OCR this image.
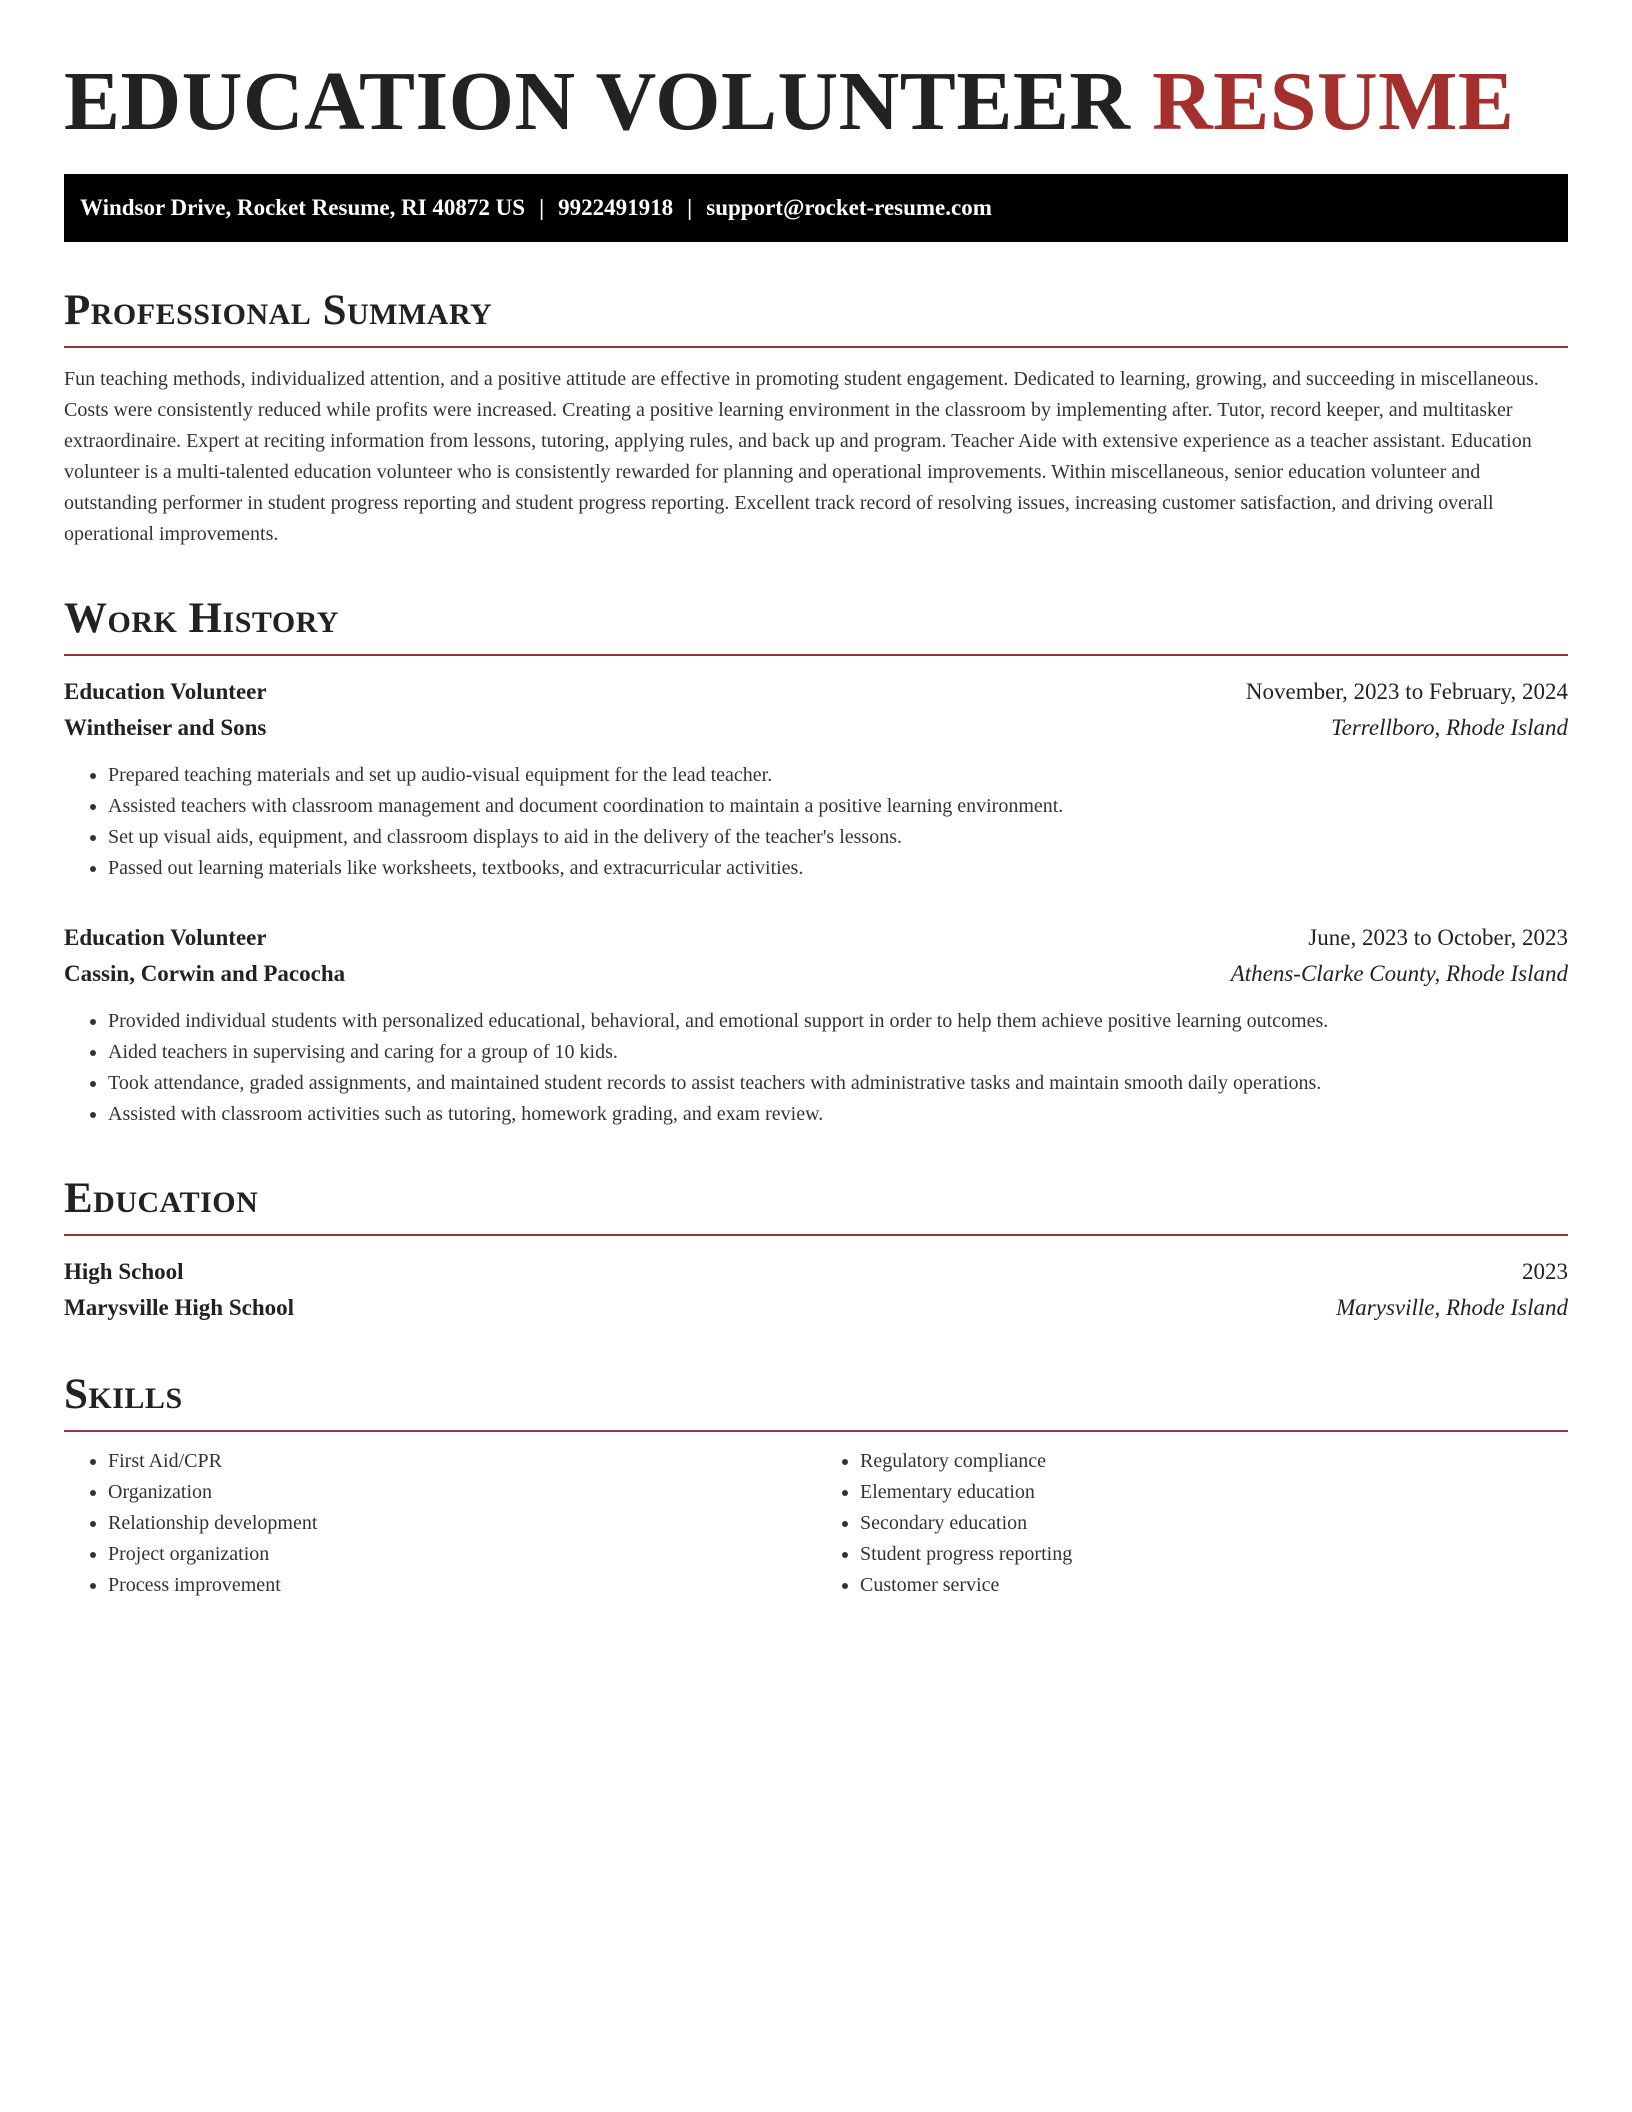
EDUCATION VOLUNTEER RESUME
Windsor Drive, Rocket Resume, RI 40872 US | 9922491918 | support@rocket-resume.com
Professional Summary

Fun teaching methods, individualized attention, and a positive attitude are effective in promoting student engagement. Dedicated to learning, growing, and succeeding in miscellaneous. Costs were consistently reduced while profits were increased. Creating a positive learning environment in the classroom by implementing after. Tutor, record keeper, and multitasker extraordinaire. Expert at reciting information from lessons, tutoring, applying rules, and back up and program. Teacher Aide with extensive experience as a teacher assistant. Education volunteer is a multi-talented education volunteer who is consistently rewarded for planning and operational improvements. Within miscellaneous, senior education volunteer and outstanding performer in student progress reporting and student progress reporting. Excellent track record of resolving issues, increasing customer satisfaction, and driving overall operational improvements.

Work History
Education Volunteer	November, 2023 to February, 2024
Wintheiser and Sons	Terrellboro, Rhode Island
• Prepared teaching materials and set up audio-visual equipment for the lead teacher.
• Assisted teachers with classroom management and document coordination to maintain a positive learning environment.
• Set up visual aids, equipment, and classroom displays to aid in the delivery of the teacher's lessons.
• Passed out learning materials like worksheets, textbooks, and extracurricular activities.
Education Volunteer	June, 2023 to October, 2023
Cassin, Corwin and Pacocha	Athens-Clarke County, Rhode Island
• Provided individual students with personalized educational, behavioral, and emotional support in order to help them achieve positive learning outcomes.
• Aided teachers in supervising and caring for a group of 10 kids.
• Took attendance, graded assignments, and maintained student records to assist teachers with administrative tasks and maintain smooth daily operations.
• Assisted with classroom activities such as tutoring, homework grading, and exam review.
Education
High School	2023
Marysville High School	Marysville, Rhode Island
Skills
• First Aid/CPR
• Organization
• Relationship development
• Project organization
• Process improvement
• Regulatory compliance
• Elementary education
• Secondary education
• Student progress reporting
• Customer service
